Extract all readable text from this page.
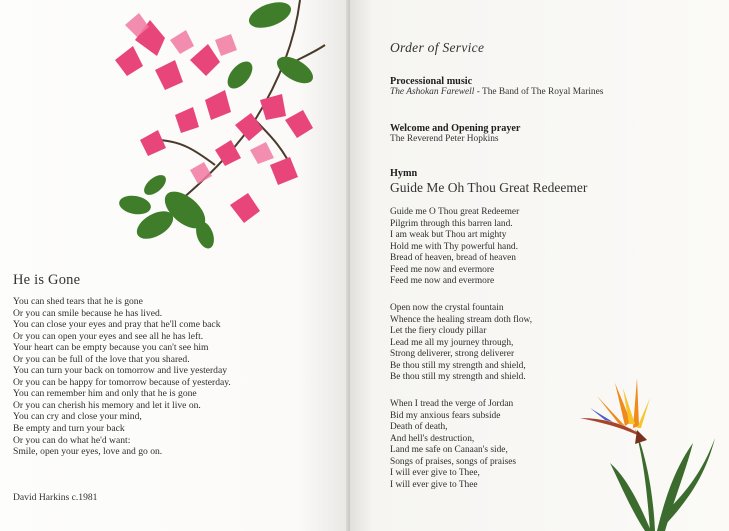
He is Gone
You can shed tears that he is gone
Or you can smile because he has lived.
You can close your eyes and pray that he'll come back
Or you can open your eyes and see all he has left.
Your heart can be empty because you can't see him
Or you can be full of the love that you shared.
You can turn your back on tomorrow and live yesterday
Or you can be happy for tomorrow because of yesterday.
You can remember him and only that he is gone
Or you can cherish his memory and let it live on.
You can cry and close your mind,
Be empty and turn your back
Or you can do what he'd want:
Smile, open your eyes, love and go on.
David Harkins c.1981
Order of Service
Processional music
The Ashokan Farewell - The Band of The Royal Marines
Welcome and Opening prayer
The Reverend Peter Hopkins
Hymn
Guide Me Oh Thou Great Redeemer
Guide me O Thou great Redeemer
Pilgrim through this barren land.
I am weak but Thou art mighty
Hold me with Thy powerful hand.
Bread of heaven, bread of heaven
Feed me now and evermore
Feed me now and evermore
Open now the crystal fountain
Whence the healing stream doth flow,
Let the fiery cloudy pillar
Lead me all my journey through,
Strong deliverer, strong deliverer
Be thou still my strength and shield,
Be thou still my strength and shield.
When I tread the verge of Jordan
Bid my anxious fears subside
Death of death,
And hell's destruction,
Land me safe on Canaan's side,
Songs of praises, songs of praises
I will ever give to Thee,
I will ever give to Thee
